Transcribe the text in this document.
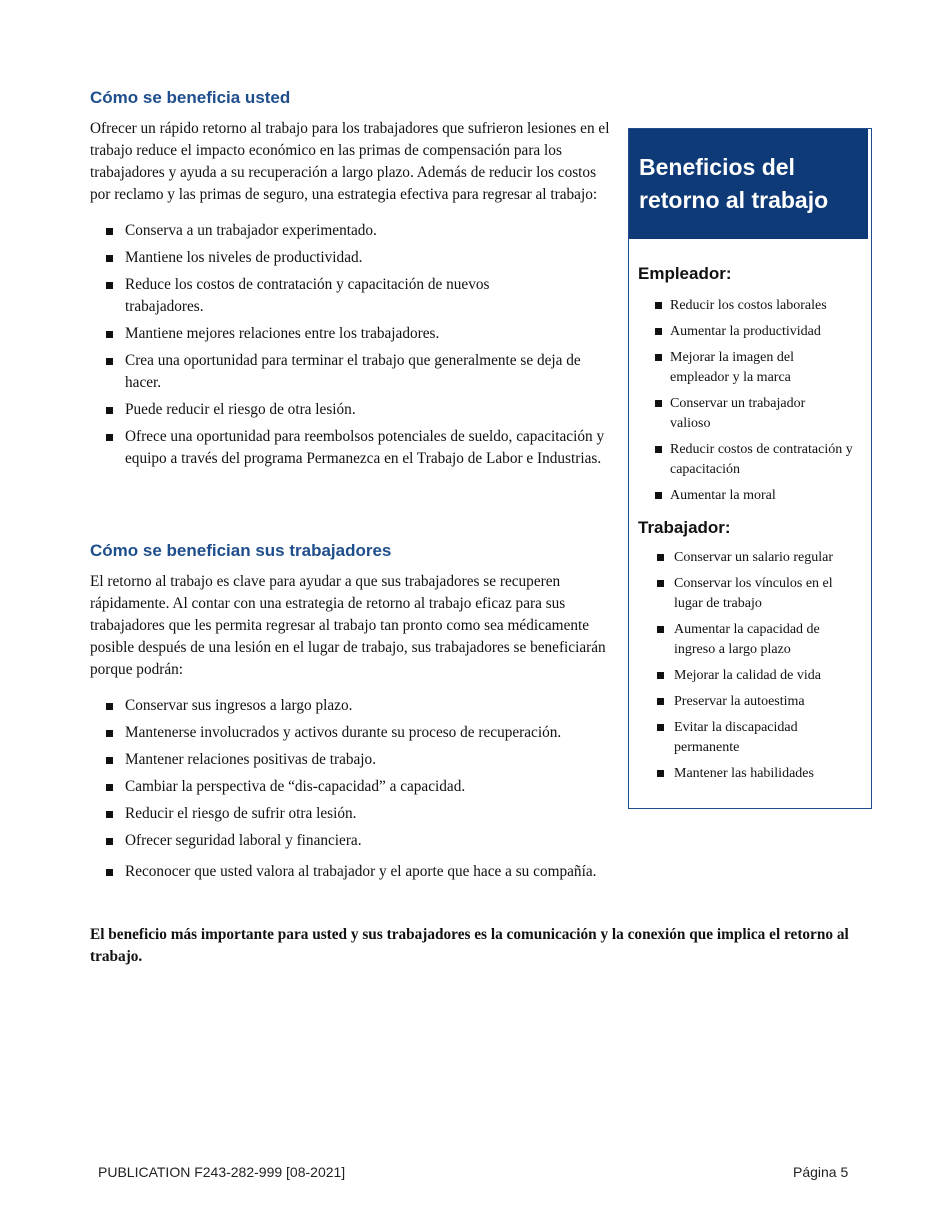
Cómo se beneficia usted

Ofrecer un rápido retorno al trabajo para los trabajadores que sufrieron lesiones en el trabajo reduce el impacto económico en las primas de compensación para los trabajadores y ayuda a su recuperación a largo plazo. Además de reducir los costos por reclamo y las primas de seguro, una estrategia efectiva para regresar al trabajo:

Conserva a un trabajador experimentado.
Mantiene los niveles de productividad.
Reduce los costos de contratación y capacitación de nuevos trabajadores.
Mantiene mejores relaciones entre los trabajadores.
Crea una oportunidad para terminar el trabajo que generalmente se deja de hacer.
Puede reducir el riesgo de otra lesión.
Ofrece una oportunidad para reembolsos potenciales de sueldo, capacitación y equipo a través del programa Permanezca en el Trabajo de Labor e Industrias.
Cómo se benefician sus trabajadores

El retorno al trabajo es clave para ayudar a que sus trabajadores se recuperen rápidamente. Al contar con una estrategia de retorno al trabajo eficaz para sus trabajadores que les permita regresar al trabajo tan pronto como sea médicamente posible después de una lesión en el lugar de trabajo, sus trabajadores se beneficiarán porque podrán:

Conservar sus ingresos a largo plazo.
Mantenerse involucrados y activos durante su proceso de recuperación.
Mantener relaciones positivas de trabajo.
Cambiar la perspectiva de “dis-capacidad” a capacidad.
Reducir el riesgo de sufrir otra lesión.
Ofrecer seguridad laboral y financiera.
Reconocer que usted valora al trabajador y el aporte que hace a su compañía.
El beneficio más importante para usted y sus trabajadores es la comunicación y la conexión que implica el retorno al trabajo.
Beneficios del
retorno al trabajo
Empleador:
Reducir los costos laborales
Aumentar la productividad
Mejorar la imagen del empleador y la marca
Conservar un trabajador valioso
Reducir costos de contratación y capacitación
Aumentar la moral
Trabajador:
Conservar un salario regular
Conservar los vínculos en el lugar de trabajo
Aumentar la capacidad de ingreso a largo plazo
Mejorar la calidad de vida
Preservar la autoestima
Evitar la discapacidad permanente
Mantener las habilidades
PUBLICATION F243-282-999 [08-2021]	Página 5
